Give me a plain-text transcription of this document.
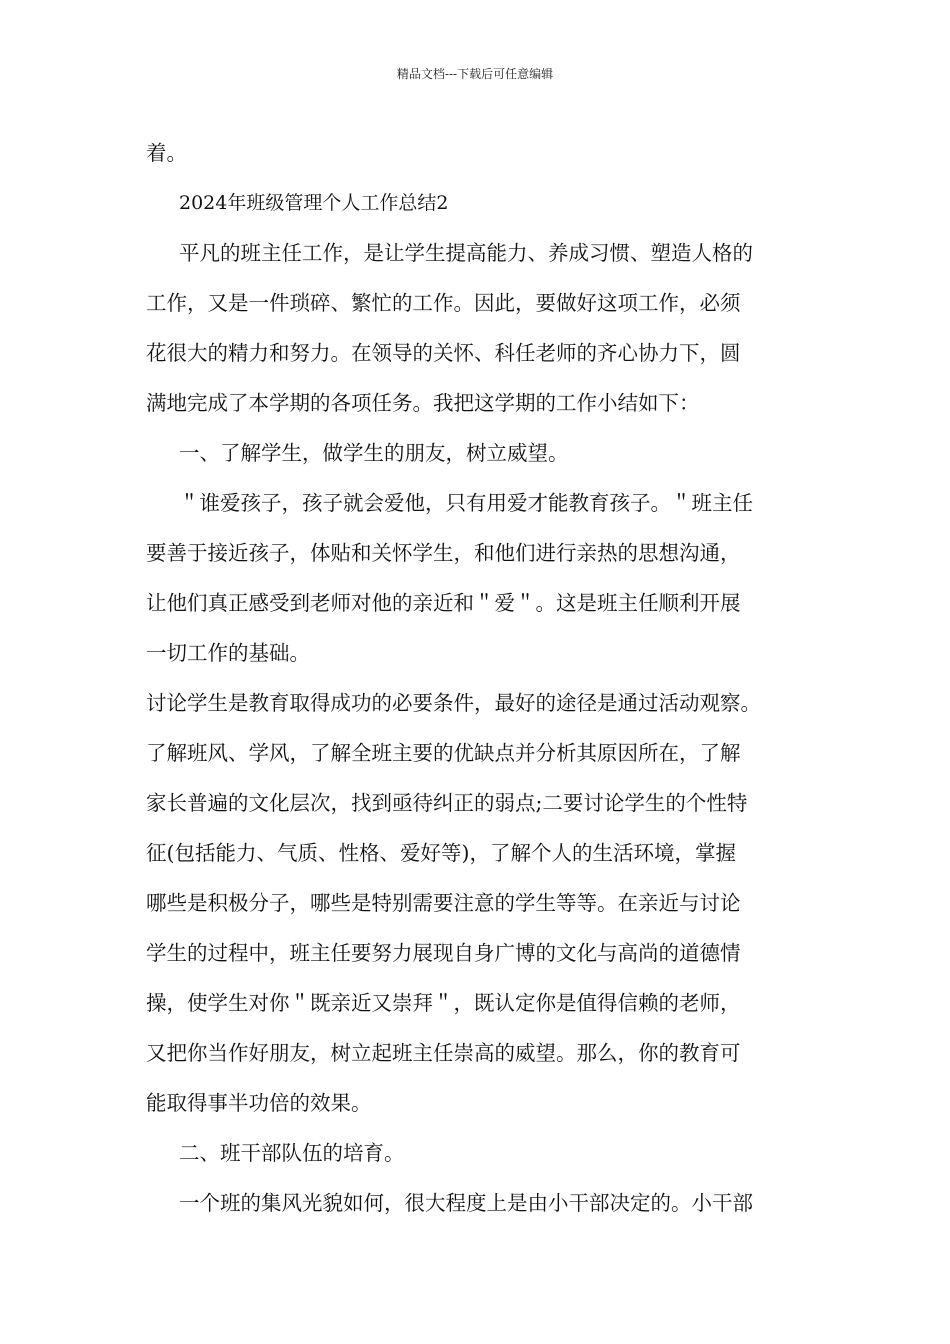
精品文档---下载后可任意编辑
着。
2024年班级管理个人工作总结2
平凡的班主任工作，是让学生提高能力、养成习惯、塑造人格的
工作，又是一件琐碎、繁忙的工作。因此，要做好这项工作，必须
花很大的精力和努力。在领导的关怀、科任老师的齐心协力下，圆
满地完成了本学期的各项任务。我把这学期的工作小结如下：
一、了解学生，做学生的朋友，树立威望。
＂谁爱孩子，孩子就会爱他，只有用爱才能教育孩子。＂班主任
要善于接近孩子，体贴和关怀学生，和他们进行亲热的思想沟通，
让他们真正感受到老师对他的亲近和＂爱＂。这是班主任顺利开展
一切工作的基础。
讨论学生是教育取得成功的必要条件，最好的途径是通过活动观察。
了解班风、学风，了解全班主要的优缺点并分析其原因所在，了解
家长普遍的文化层次，找到亟待纠正的弱点;二要讨论学生的个性特
征(包括能力、气质、性格、爱好等)，了解个人的生活环境，掌握
哪些是积极分子，哪些是特别需要注意的学生等等。在亲近与讨论
学生的过程中，班主任要努力展现自身广博的文化与高尚的道德情
操，使学生对你＂既亲近又崇拜＂，既认定你是值得信赖的老师，
又把你当作好朋友，树立起班主任崇高的威望。那么，你的教育可
能取得事半功倍的效果。
二、班干部队伍的培育。
一个班的集风光貌如何，很大程度上是由小干部决定的。小干部
